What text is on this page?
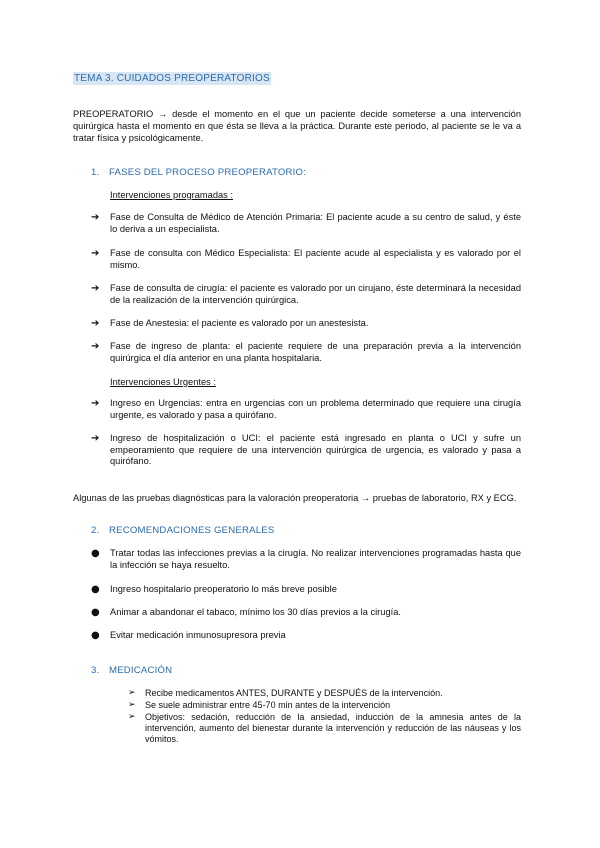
TEMA 3. CUIDADOS PREOPERATORIOS

PREOPERATORIO → desde el momento en el que un paciente decide someterse a una intervención quirúrgica hasta el momento en que ésta se lleva a la práctica. Durante este periodo, al paciente se le va a tratar física y psicológicamente.

1. FASES DEL PROCESO PREOPERATORIO:
Intervenciones programadas :
➔	Fase de Consulta de Médico de Atención Primaria: El paciente acude a su centro de salud, y éste lo deriva a un especialista.
➔	Fase de consulta con Médico Especialista: El paciente acude al especialista y es valorado por el mismo.
➔	Fase de consulta de cirugía: el paciente es valorado por un cirujano, éste determinará la necesidad de la realización de la intervención quirúrgica.
➔	Fase de Anestesia: el paciente es valorado por un anestesista.
➔	Fase de ingreso de planta: el paciente requiere de una preparación previa a la intervención quirúrgica el día anterior en una planta hospitalaria.
Intervenciones Urgentes :
➔	Ingreso en Urgencias: entra en urgencias con un problema determinado que requiere una cirugía urgente, es valorado y pasa a quirófano.
➔	Ingreso de hospitalización o UCI: el paciente está ingresado en planta o UCI y sufre un empeoramiento que requiere de una intervención quirúrgica de urgencia, es valorado y pasa a quirófano.

Algunas de las pruebas diagnósticas para la valoración preoperatoria → pruebas de laboratorio, RX y ECG.

2. RECOMENDACIONES GENERALES
●	Tratar todas las infecciones previas a la cirugía. No realizar intervenciones programadas hasta que la infección se haya resuelto.
●	Ingreso hospitalario preoperatorio lo más breve posible
●	Animar a abandonar el tabaco, mínimo los 30 días previos a la cirugía.
●	Evitar medicación inmunosupresora previa
3. MEDICACIÓN
➢ Recibe medicamentos ANTES, DURANTE y DESPUÉS de la intervención.
➢ Se suele administrar entre 45-70 min antes de la intervención
➢ Objetivos: sedación, reducción de la ansiedad, inducción de la amnesia antes de la intervención, aumento del bienestar durante la intervención y reducción de las náuseas y los vómitos.
